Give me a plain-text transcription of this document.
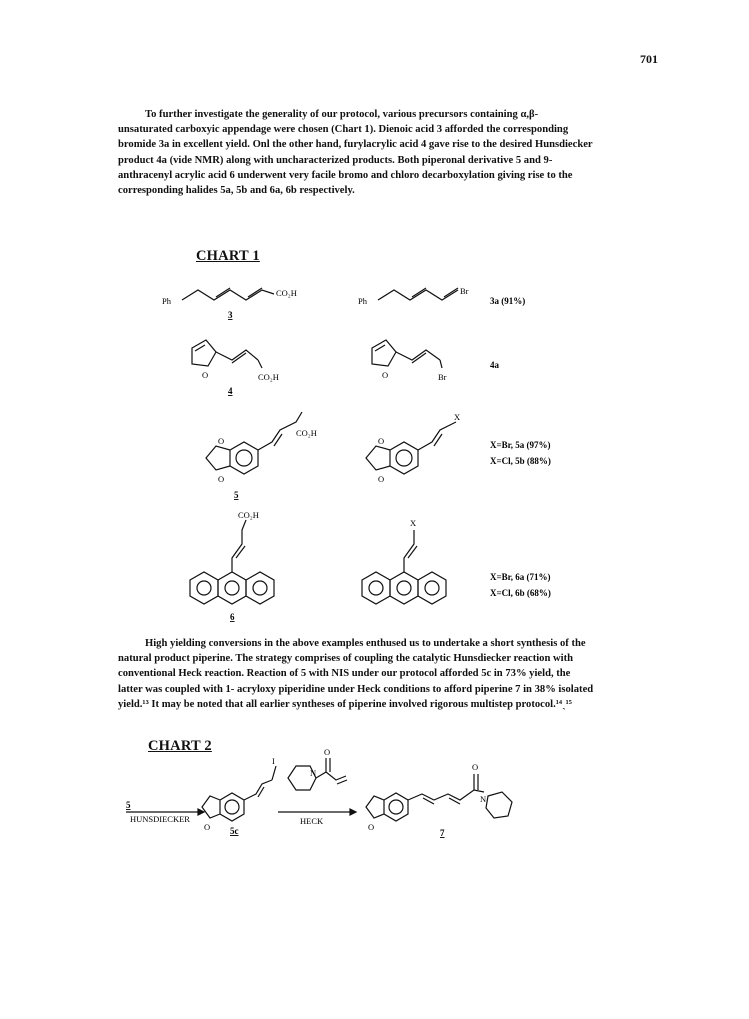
701

To further investigate the generality of our protocol, various precursors containing α,β-

unsaturated carboxyic appendage were chosen (Chart 1). Dienoic acid 3 afforded the corresponding

bromide 3a in excellent yield. Onl the other hand, furylacrylic acid 4 gave rise to the desired Hunsdiecker

product 4a (vide NMR) along with uncharacterized products. Both piperonal derivative 5 and 9-

anthracenyl acrylic acid 6 underwent very facile bromo and chloro decarboxylation giving rise to the

corresponding halides 5a, 5b and 6a, 6b respectively.

CHART 1
Ph
CO₂H
3
Ph
Br
O	CO₂H
4
O	Br
CO₂H
O
O
5
X
O
O
CO₂H
6
X
3a (91%)
4a
X=Br, 5a (97%)
X=Cl, 5b (88%)
X=Br, 6a (71%)
X=Cl, 6b (68%)

High yielding conversions in the above examples enthused us to undertake a short synthesis of the

natural product piperine. The strategy comprises of coupling the catalytic Hunsdiecker reaction with

conventional Heck reaction. Reaction of 5 with NIS under our protocol afforded 5c in 73% yield, the

latter was coupled with 1- acryloxy piperidine under Heck conditions to afford piperine 7 in 38% isolated

yield.¹³ It may be noted that all earlier syntheses of piperine involved rigorous multistep protocol.¹⁴ˎ¹⁵

CHART 2
5
HUNSDIECKER
O
I
5c
N
O
HECK
O
O
N
7
